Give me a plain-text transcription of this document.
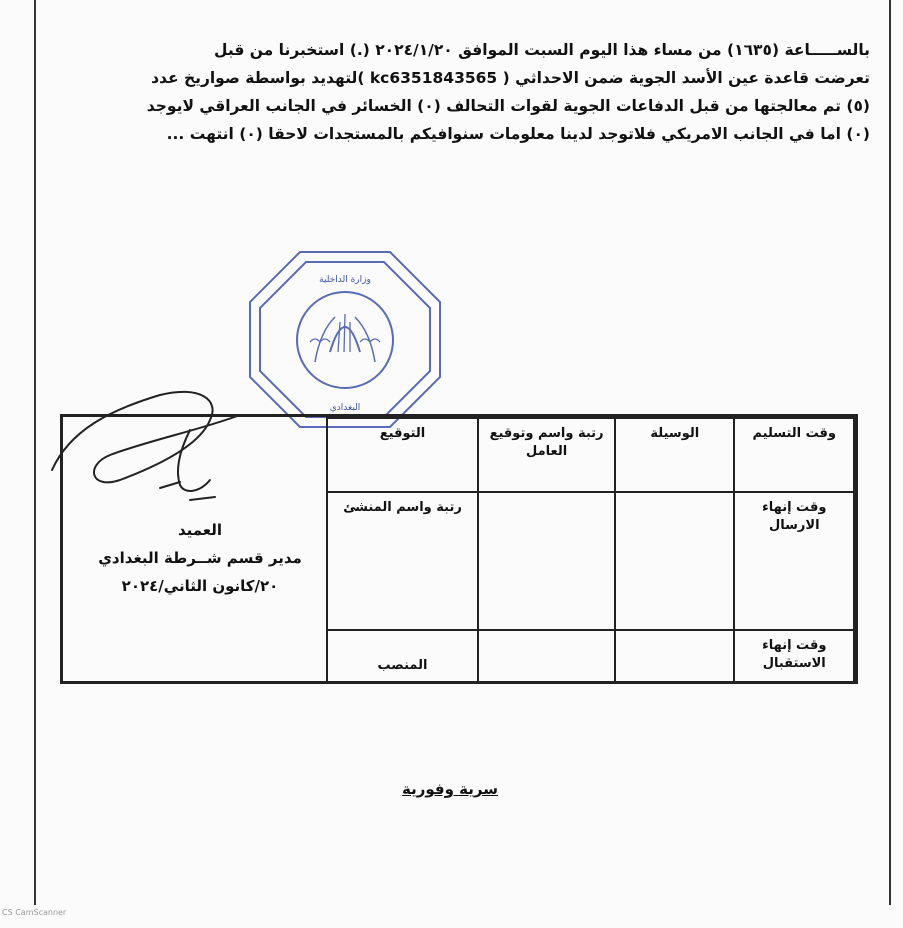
بالســـــاعة (١٦٣٥) من مساء هذا اليوم السبت الموافق ٢٠٢٤/١/٢٠ (.) استخبرنا من قبل

تعرضت قاعدة عين الأسد الجوية ضمن الاحداثي ( kc6351843565 )لتهديد بواسطة صواريخ عدد

(٥) تم معالجتها من قبل الدفاعات الجوية لقوات التحالف (٠) الخسائر في الجانب العراقي لايوجد

(٠) اما في الجانب الامريكي فلاتوجد لدينا معلومات سنوافيكم بالمستجدات لاحقا (٠) انتهت ...

وزارة الداخلية
البغدادي
وقت التسليم	الوسيلة	رتبة واسم وتوقيع العامل	التوقيع

وقت إنهاء الارسال			رتبة واسم المنشئ

وقت إنهاء الاستقبال			المنصب
العميد
مدير قسم شــرطة البغدادي
٢٠/كانون الثاني/٢٠٢٤
سرية وفورية
CS CamScanner
